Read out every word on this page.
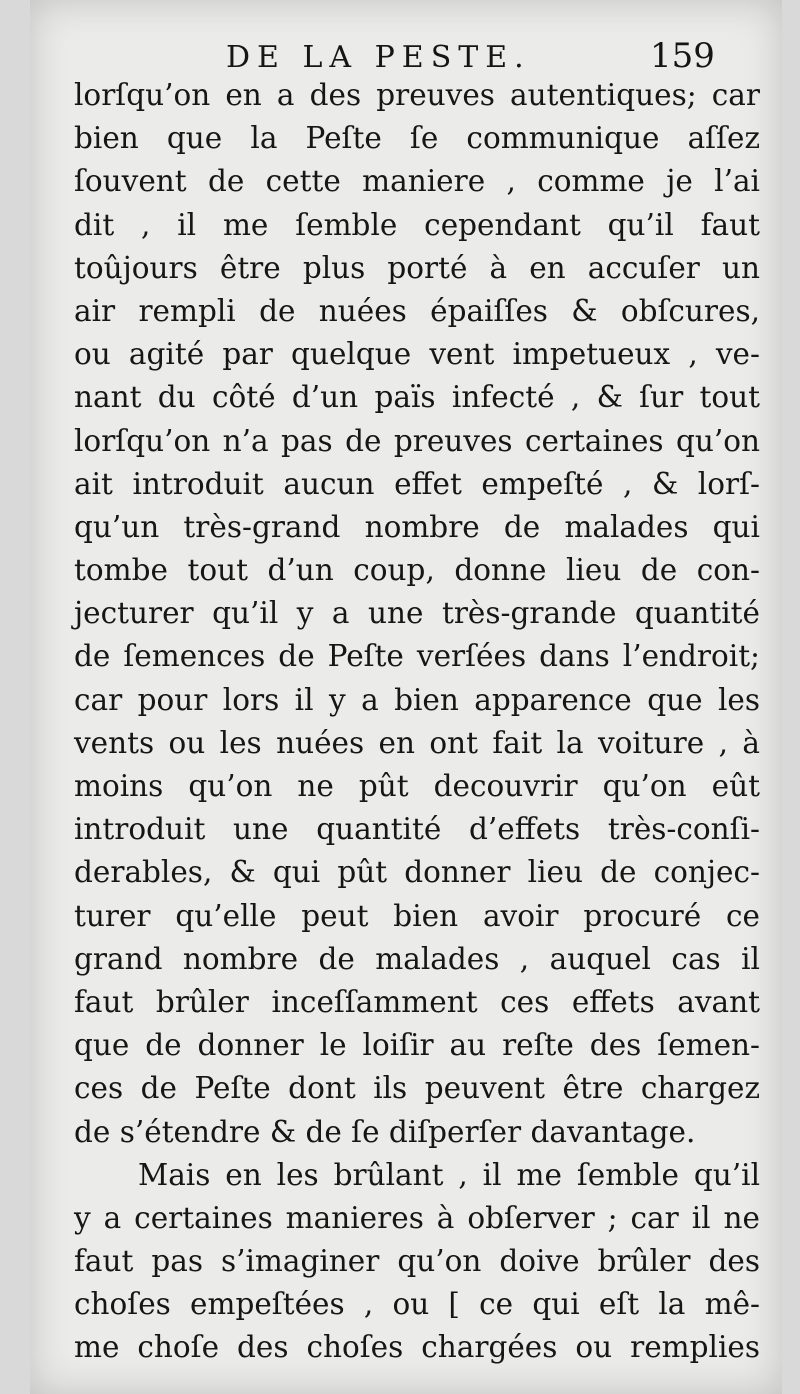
DE LA PESTE.	159
lorſqu’on en a des preuves autentiques; car
bien que la Peſte ſe communique aſſez
ſouvent de cette maniere , comme je l’ai
dit , il me ſemble cependant qu’il faut
toûjours être plus porté à en accuſer un
air rempli de nuées épaiſſes & obſcures,
ou agité par quelque vent impetueux , ve-
nant du côté d’un païs infecté , & ſur tout
lorſqu’on n’a pas de preuves certaines qu’on
ait introduit aucun effet empeſté , & lorſ-
qu’un très-grand nombre de malades qui
tombe tout d’un coup, donne lieu de con-
jecturer qu’il y a une très-grande quantité
de ſemences de Peſte verſées dans l’endroit;
car pour lors il y a bien apparence que les
vents ou les nuées en ont fait la voiture , à
moins qu’on ne pût decouvrir qu’on eût
introduit une quantité d’effets très-conſi-
derables, & qui pût donner lieu de conjec-
turer qu’elle peut bien avoir procuré ce
grand nombre de malades , auquel cas il
faut brûler inceſſamment ces effets avant
que de donner le loiſir au reſte des ſemen-
ces de Peſte dont ils peuvent être chargez
de s’étendre & de ſe diſperſer davantage.
Mais en les brûlant , il me ſemble qu’il
y a certaines manieres à obſerver ; car il ne
faut pas s’imaginer qu’on doive brûler des
choſes empeſtées , ou [ ce qui eſt la mê-
me choſe des choſes chargées ou remplies
